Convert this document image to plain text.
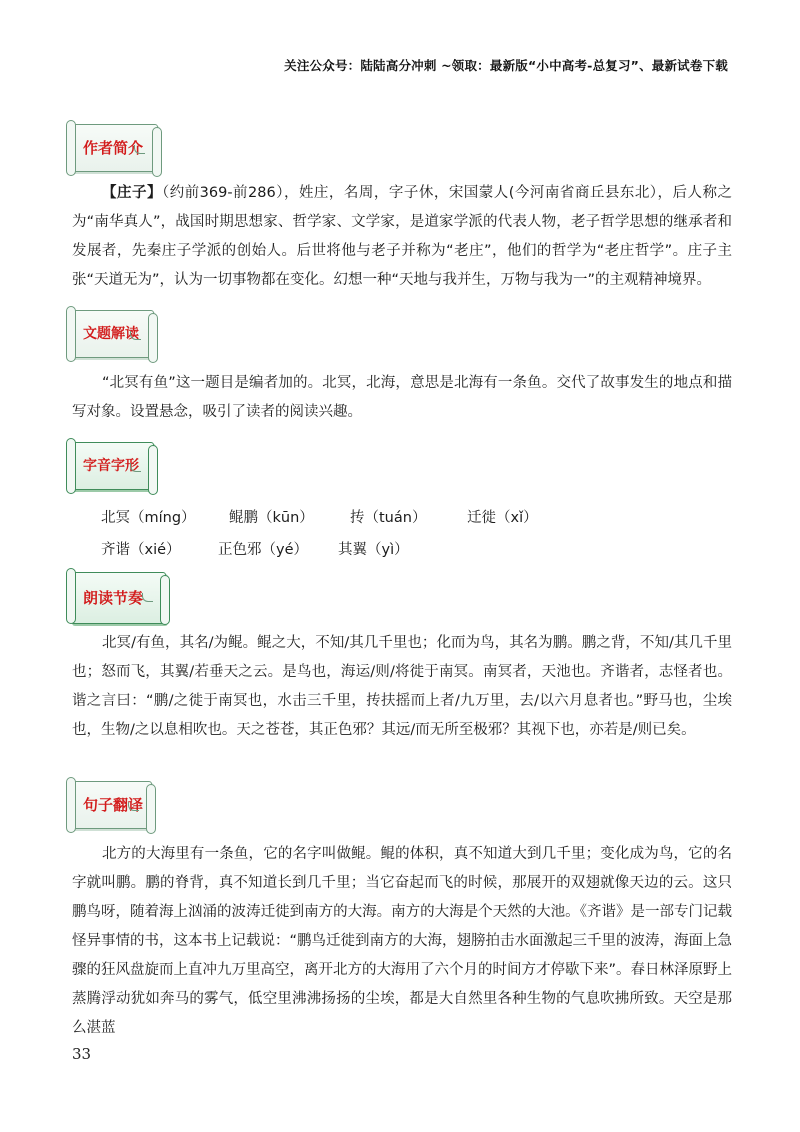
关注公众号：陆陆高分冲刺 ~领取：最新版“小中高考-总复习”、最新试卷下载
作者简介

【庄子】（约前369-前286），姓庄，名周，字子休，宋国蒙人(今河南省商丘县东北），后人称之为“南华真人”，战国时期思想家、哲学家、文学家，是道家学派的代表人物，老子哲学思想的继承者和发展者，先秦庄子学派的创始人。后世将他与老子并称为“老庄”，他们的哲学为“老庄哲学”。庄子主张“天道无为”，认为一切事物都在变化。幻想一种“天地与我并生，万物与我为一”的主观精神境界。

文题解读

“北冥有鱼”这一题目是编者加的。北冥，北海，意思是北海有一条鱼。交代了故事发生的地点和描写对象。设置悬念，吸引了读者的阅读兴趣。

字音字形
北冥（míng） 鲲鹏（kūn） 抟（tuán）	迁徙（xǐ）
齐谐（xié）	正色邪（yé） 其翼（yì）
朗读节奏

北冥/有鱼，其名/为鲲。鲲之大，不知/其几千里也；化而为鸟，其名为鹏。鹏之背，不知/其几千里也；怒而飞，其翼/若垂天之云。是鸟也，海运/则/将徙于南冥。南冥者，天池也。齐谐者，志怪者也。谐之言曰：“鹏/之徙于南冥也，水击三千里，抟扶摇而上者/九万里，去/以六月息者也。”野马也，尘埃也，生物/之以息相吹也。天之苍苍，其正色邪？其远/而无所至极邪？其视下也，亦若是/则已矣。

句子翻译

北方的大海里有一条鱼，它的名字叫做鲲。鲲的体积，真不知道大到几千里；变化成为鸟，它的名字就叫鹏。鹏的脊背，真不知道长到几千里；当它奋起而飞的时候，那展开的双翅就像天边的云。这只鹏鸟呀，随着海上汹涌的波涛迁徙到南方的大海。南方的大海是个天然的大池。《齐谐》是一部专门记载怪异事情的书，这本书上记载说：“鹏鸟迁徙到南方的大海，翅膀拍击水面激起三千里的波涛，海面上急骤的狂风盘旋而上直冲九万里高空，离开北方的大海用了六个月的时间方才停歇下来”。春日林泽原野上蒸腾浮动犹如奔马的雾气，低空里沸沸扬扬的尘埃，都是大自然里各种生物的气息吹拂所致。天空是那么湛蓝

33
